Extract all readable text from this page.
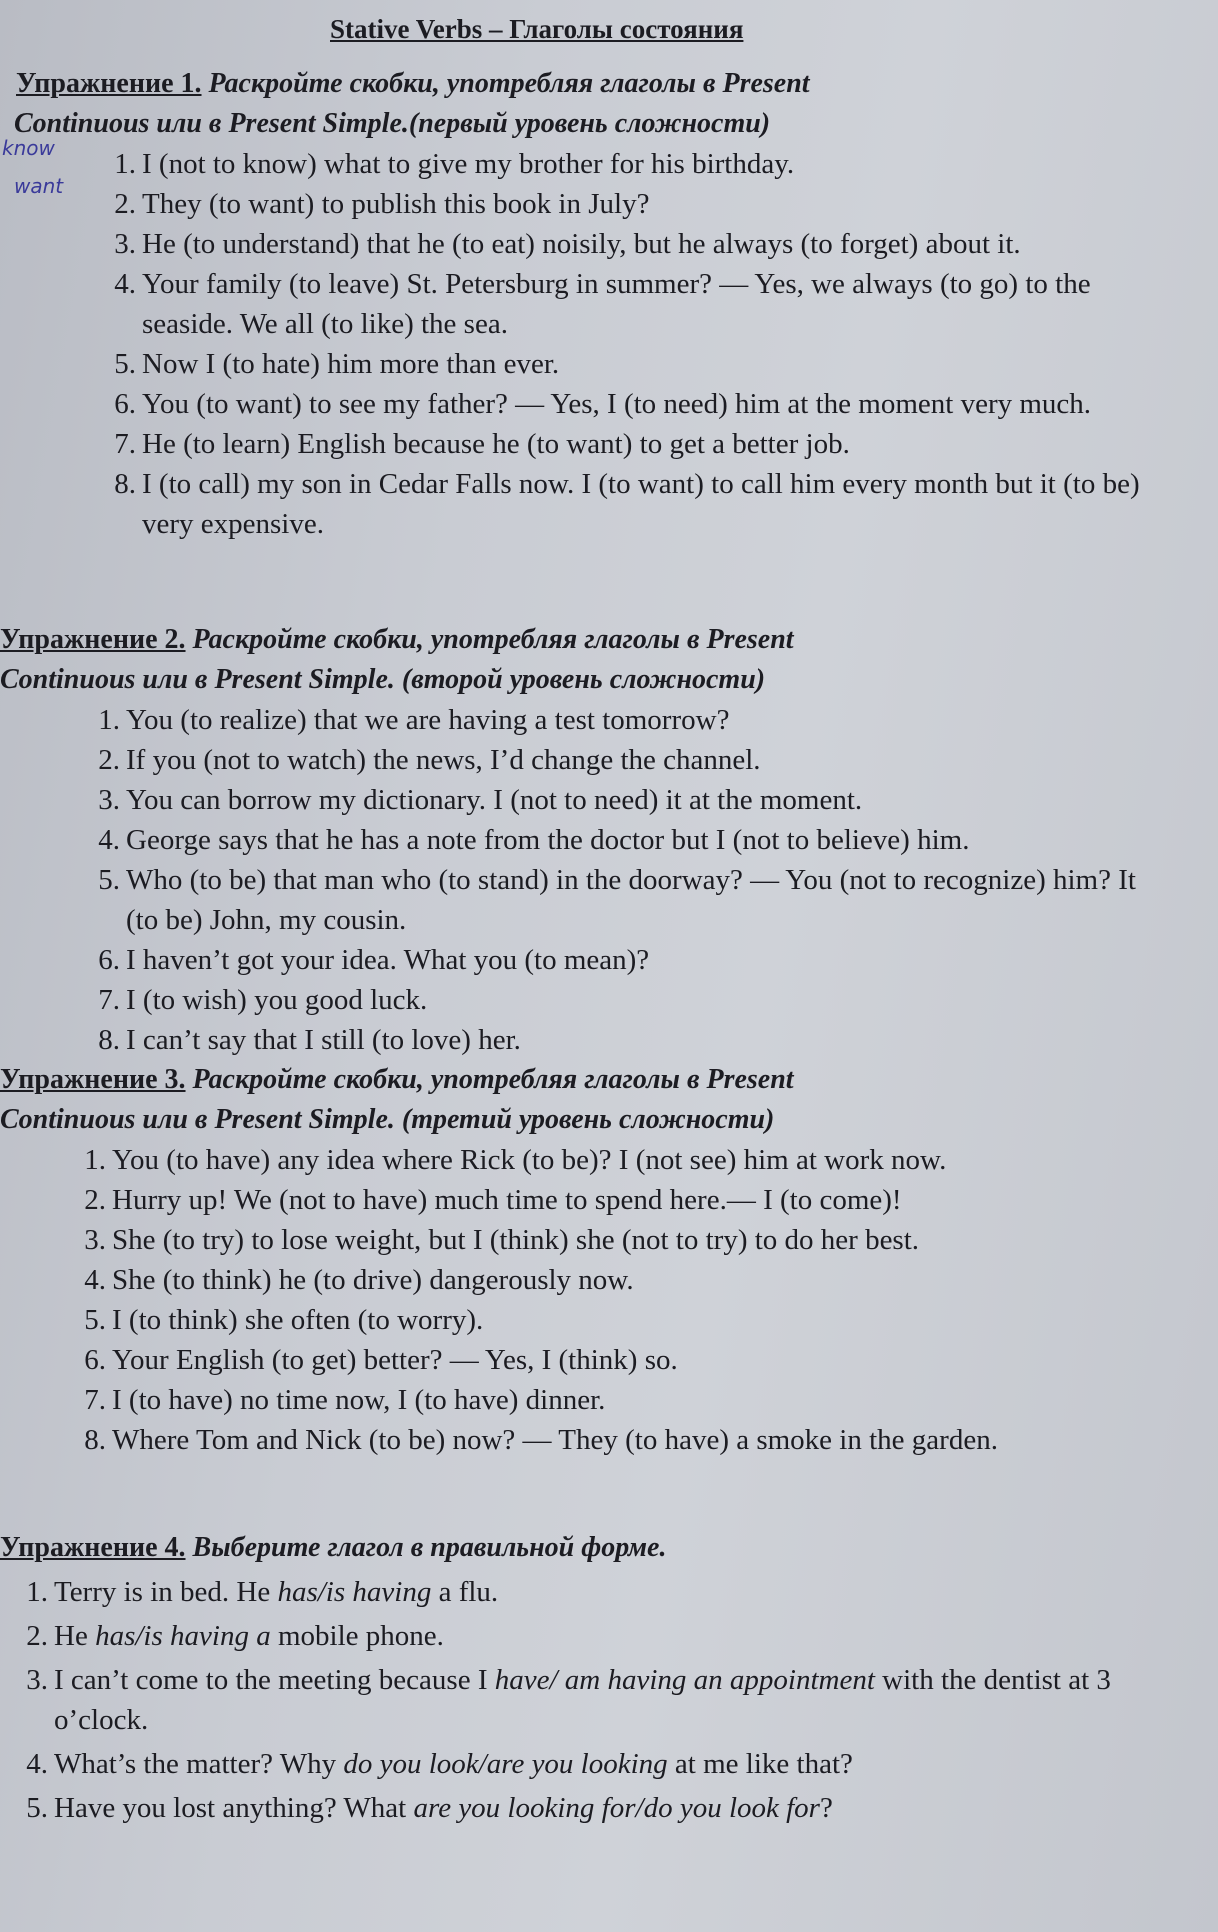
Stative Verbs – Глаголы состояния
know
want
Упражнение 1. Раскройте скобки, употребляя глаголы в Present
Continuous или в Present Simple.(первый уровень сложности)
1. I (not to know) what to give my brother for his birthday.
2. They (to want) to publish this book in July?
3. He (to understand) that he (to eat) noisily, but he always (to forget) about it.
4. Your family (to leave) St. Petersburg in summer? — Yes, we always (to go) to the seaside. We all (to like) the sea.
5. Now I (to hate) him more than ever.
6. You (to want) to see my father? — Yes, I (to need) him at the moment very much.
7. He (to learn) English because he (to want) to get a better job.
8. I (to call) my son in Cedar Falls now. I (to want) to call him every month but it (to be) very expensive.
Упражнение 2. Раскройте скобки, употребляя глаголы в Present
Continuous или в Present Simple. (второй уровень сложности)
1. You (to realize) that we are having a test tomorrow?
2. If you (not to watch) the news, I’d change the channel.
3. You can borrow my dictionary. I (not to need) it at the moment.
4. George says that he has a note from the doctor but I (not to believe) him.
5. Who (to be) that man who (to stand) in the doorway? — You (not to recognize) him? It (to be) John, my cousin.
6. I haven’t got your idea. What you (to mean)?
7. I (to wish) you good luck.
8. I can’t say that I still (to love) her.
Упражнение 3. Раскройте скобки, употребляя глаголы в Present
Continuous или в Present Simple. (третий уровень сложности)
1. You (to have) any idea where Rick (to be)? I (not see) him at work now.
2. Hurry up! We (not to have) much time to spend here.— I (to come)!
3. She (to try) to lose weight, but I (think) she (not to try) to do her best.
4. She (to think) he (to drive) dangerously now.
5. I (to think) she often (to worry).
6. Your English (to get) better? — Yes, I (think) so.
7. I (to have) no time now, I (to have) dinner.
8. Where Tom and Nick (to be) now? — They (to have) a smoke in the garden.
Упражнение 4. Выберите глагол в правильной форме.
1. Terry is in bed. He has/is having a flu.
2. He has/is having a mobile phone.
3. I can’t come to the meeting because I have/ am having an appointment with the dentist at 3 o’clock.
4. What’s the matter? Why do you look/are you looking at me like that?
5. Have you lost anything? What are you looking for/do you look for?
